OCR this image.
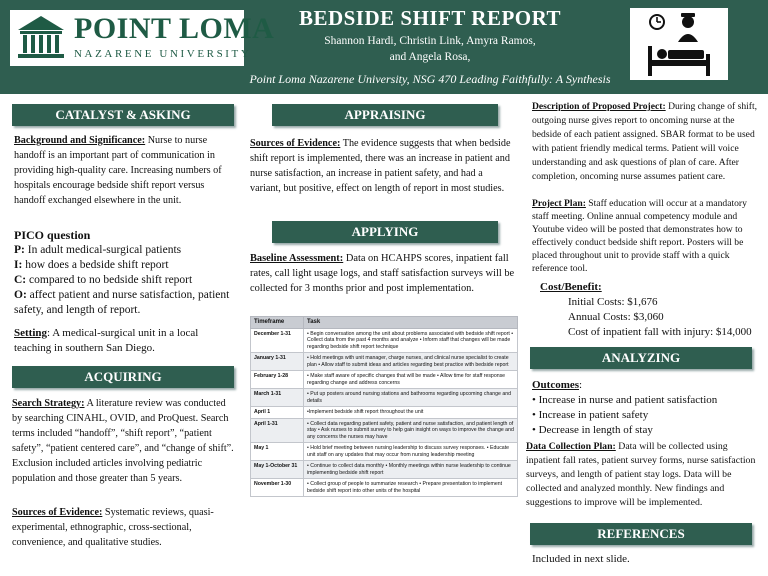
POINT LOMA
NAZARENE UNIVERSITY
BEDSIDE SHIFT REPORT
Shannon Hardi, Christin Link, Amyra Ramos,
and Angela Rosa,
Point Loma Nazarene University, NSG 470 Leading Faithfully: A Synthesis
CATALYST & ASKING
Background and Significance: Nurse to nurse handoff is an important part of communication in providing high-quality care. Increasing numbers of hospitals encourage bedside shift report versus handoff exchanged elsewhere in the unit.
PICO question
P: In adult medical-surgical patients
I: how does a bedside shift report
C: compared to no bedside shift report
O: affect patient and nurse satisfaction, patient safety, and length of report.
Setting: A medical-surgical unit in a local teaching in southern San Diego.
ACQUIRING
Search Strategy: A literature review was conducted by searching CINAHL, OVID, and ProQuest. Search terms included “handoff”, “shift report”, “patient safety”, “patient centered care”, and “change of shift”. Exclusion included articles involving pediatric population and those greater than 5 years.
Sources of Evidence: Systematic reviews, quasi-experimental, ethnographic, cross-sectional, convenience, and qualitative studies.
APPRAISING
Sources of Evidence: The evidence suggests that when bedside shift report is implemented, there was an increase in patient and nurse satisfaction, an increase in patient safety, and had a variant, but positive, effect on length of report in most studies.
APPLYING
Baseline Assessment: Data on HCAHPS scores, inpatient fall rates, call light usage logs, and staff satisfaction surveys will be collected for 3 months prior and post implementation.
Timeframe	Task
December 1-31	• Begin conversation among the unit about problems associated with bedside shift report • Collect data from the past 4 months and analyze • Inform staff that changes will be made regarding bedside shift report technique
January 1-31	• Hold meetings with unit manager, charge nurses, and clinical nurse specialist to create plan • Allow staff to submit ideas and articles regarding best practice with bedside report
February 1-28	• Make staff aware of specific changes that will be made • Allow time for staff response regarding change and address concerns
March 1-31	• Put up posters around nursing stations and bathrooms regarding upcoming change and details
April 1	•Implement bedside shift report throughout the unit
April 1-31	• Collect data regarding patient safety, patient and nurse satisfaction, and patient length of stay • Ask nurses to submit survey to help gain insight on ways to improve the change and any concerns the nurses may have
May 1	• Hold brief meeting between nursing leadership to discuss survey responses. • Educate unit staff on any updates that may occur from nursing leadership meeting
May 1-October 31	• Continue to collect data monthly • Monthly meetings within nurse leadership to continue implementing bedside shift report
November 1-30	• Collect group of people to summarize research • Prepare presentation to implement bedside shift report into other units of the hospital
Description of Proposed Project: During change of shift, outgoing nurse gives report to oncoming nurse at the bedside of each patient assigned. SBAR format to be used with patient friendly medical terms. Patient will voice understanding and ask questions of plan of care. After completion, oncoming nurse assumes patient care.
Project Plan: Staff education will occur at a mandatory staff meeting. Online annual competency module and Youtube video will be posted that demonstrates how to effectively conduct bedside shift report. Posters will be placed throughout unit to provide staff with a quick reference tool.
Cost/Benefit:
Initial Costs: $1,676
Annual Costs: $3,060
Cost of inpatient fall with injury: $14,000
ANALYZING
Outcomes:
• Increase in nurse and patient satisfaction
• Increase in patient safety
• Decrease in length of stay
Data Collection Plan: Data will be collected using inpatient fall rates, patient survey forms, nurse satisfaction surveys, and length of patient stay logs. Data will be collected and analyzed monthly. New findings and suggestions to improve will be implemented.
REFERENCES
Included in next slide.
